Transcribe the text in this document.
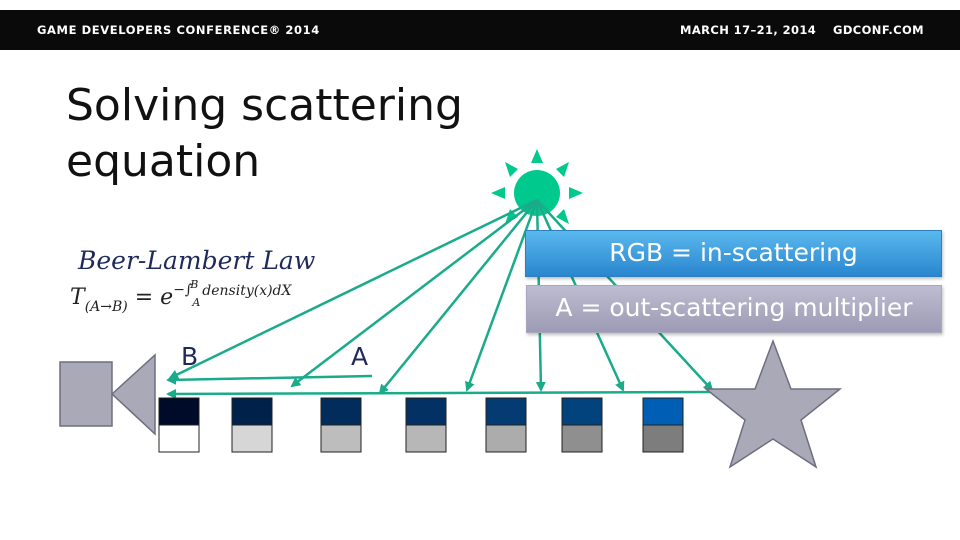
GAME DEVELOPERS CONFERENCE® 2014	MARCH 17–21, 2014 GDCONF.COM
Solving scattering equation
Beer-Lambert Law
$T_{(A\to B)} = e^{-\int B}A^{density(x)dX}$
RGB = in-scattering
A = out-scattering multiplier
B	A
